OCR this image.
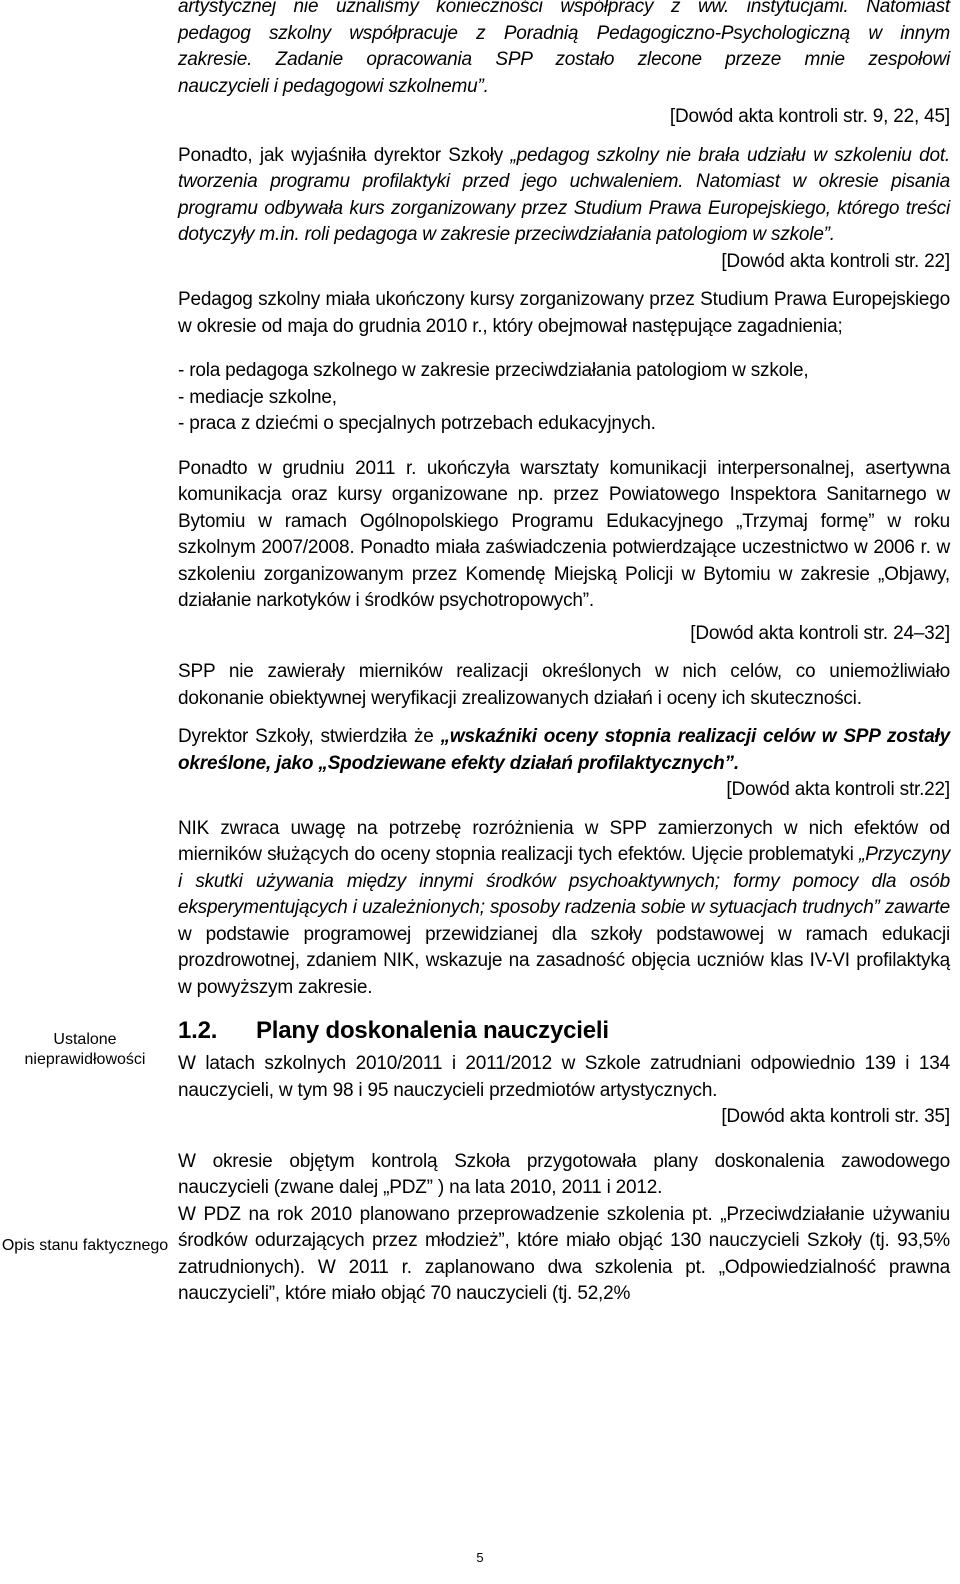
Ustalone nieprawidłowości
Opis stanu faktycznego

artystycznej nie uznaliśmy konieczności współpracy z ww. instytucjami. Natomiast

pedagog szkolny współpracuje z Poradnią Pedagogiczno-Psychologiczną w innym

zakresie. Zadanie opracowania SPP zostało zlecone przeze mnie zespołowi

nauczycieli i pedagogowi szkolnemu”.

[Dowód akta kontroli str. 9, 22, 45]

Ponadto, jak wyjaśniła dyrektor Szkoły „pedagog szkolny nie brała udziału w szkoleniu dot. tworzenia programu profilaktyki przed jego uchwaleniem. Natomiast w okresie pisania programu odbywała kurs zorganizowany przez Studium Prawa Europejskiego, którego treści dotyczyły m.in. roli pedagoga w zakresie przeciwdziałania patologiom w szkole”.

[Dowód akta kontroli str. 22]

Pedagog szkolny miała ukończony kursy zorganizowany przez Studium Prawa Europejskiego w okresie od maja do grudnia 2010 r., który obejmował następujące zagadnienia;

- rola pedagoga szkolnego w zakresie przeciwdziałania patologiom w szkole,
- mediacje szkolne,
- praca z dziećmi o specjalnych potrzebach edukacyjnych.

Ponadto w grudniu 2011 r. ukończyła warsztaty komunikacji interpersonalnej, asertywna komunikacja oraz kursy organizowane np. przez Powiatowego Inspektora Sanitarnego w Bytomiu w ramach Ogólnopolskiego Programu Edukacyjnego „Trzymaj formę” w roku szkolnym 2007/2008. Ponadto miała zaświadczenia potwierdzające uczestnictwo w 2006 r. w szkoleniu zorganizowanym przez Komendę Miejską Policji w Bytomiu w zakresie „Objawy, działanie narkotyków i środków psychotropowych”.

[Dowód akta kontroli str. 24–32]

SPP nie zawierały mierników realizacji określonych w nich celów, co uniemożliwiało dokonanie obiektywnej weryfikacji zrealizowanych działań i oceny ich skuteczności.

Dyrektor Szkoły, stwierdziła że „wskaźniki oceny stopnia realizacji celów w SPP zostały określone, jako „Spodziewane efekty działań profilaktycznych”.

[Dowód akta kontroli str.22]

NIK zwraca uwagę na potrzebę rozróżnienia w SPP zamierzonych w nich efektów od mierników służących do oceny stopnia realizacji tych efektów. Ujęcie problematyki „Przyczyny i skutki używania między innymi środków psychoaktywnych; formy pomocy dla osób eksperymentujących i uzależnionych; sposoby radzenia sobie w sytuacjach trudnych” zawarte w podstawie programowej przewidzianej dla szkoły podstawowej w ramach edukacji prozdrowotnej, zdaniem NIK, wskazuje na zasadność objęcia uczniów klas IV-VI profilaktyką w powyższym zakresie.

1.2. Plany doskonalenia nauczycieli

W latach szkolnych 2010/2011 i 2011/2012 w Szkole zatrudniani odpowiednio 139 i 134 nauczycieli, w tym 98 i 95 nauczycieli przedmiotów artystycznych.

[Dowód akta kontroli str. 35]

W okresie objętym kontrolą Szkoła przygotowała plany doskonalenia zawodowego nauczycieli (zwane dalej „PDZ” ) na lata 2010, 2011 i 2012.

W PDZ na rok 2010 planowano przeprowadzenie szkolenia pt. „Przeciwdziałanie używaniu środków odurzających przez młodzież”, które miało objąć 130 nauczycieli Szkoły (tj. 93,5% zatrudnionych). W 2011 r. zaplanowano dwa szkolenia pt. „Odpowiedzialność prawna nauczycieli”, które miało objąć 70 nauczycieli (tj. 52,2%

5
